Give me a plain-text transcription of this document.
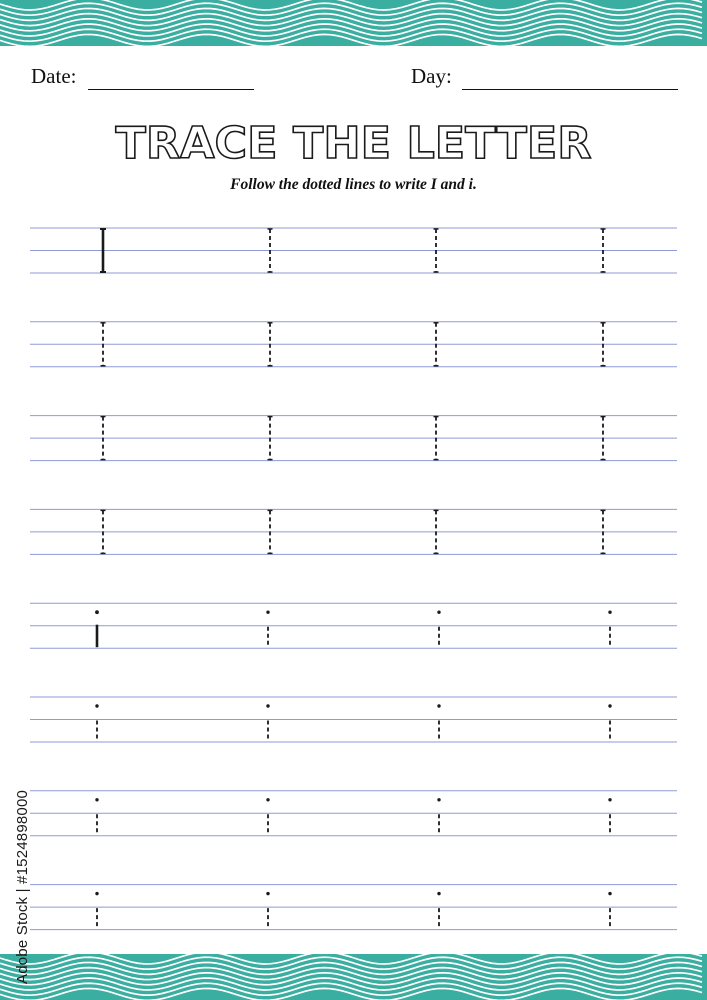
Date:	Day:
TRACE THE LETTER
Follow the dotted lines to write I and i.
Adobe Stock | #1524898000
